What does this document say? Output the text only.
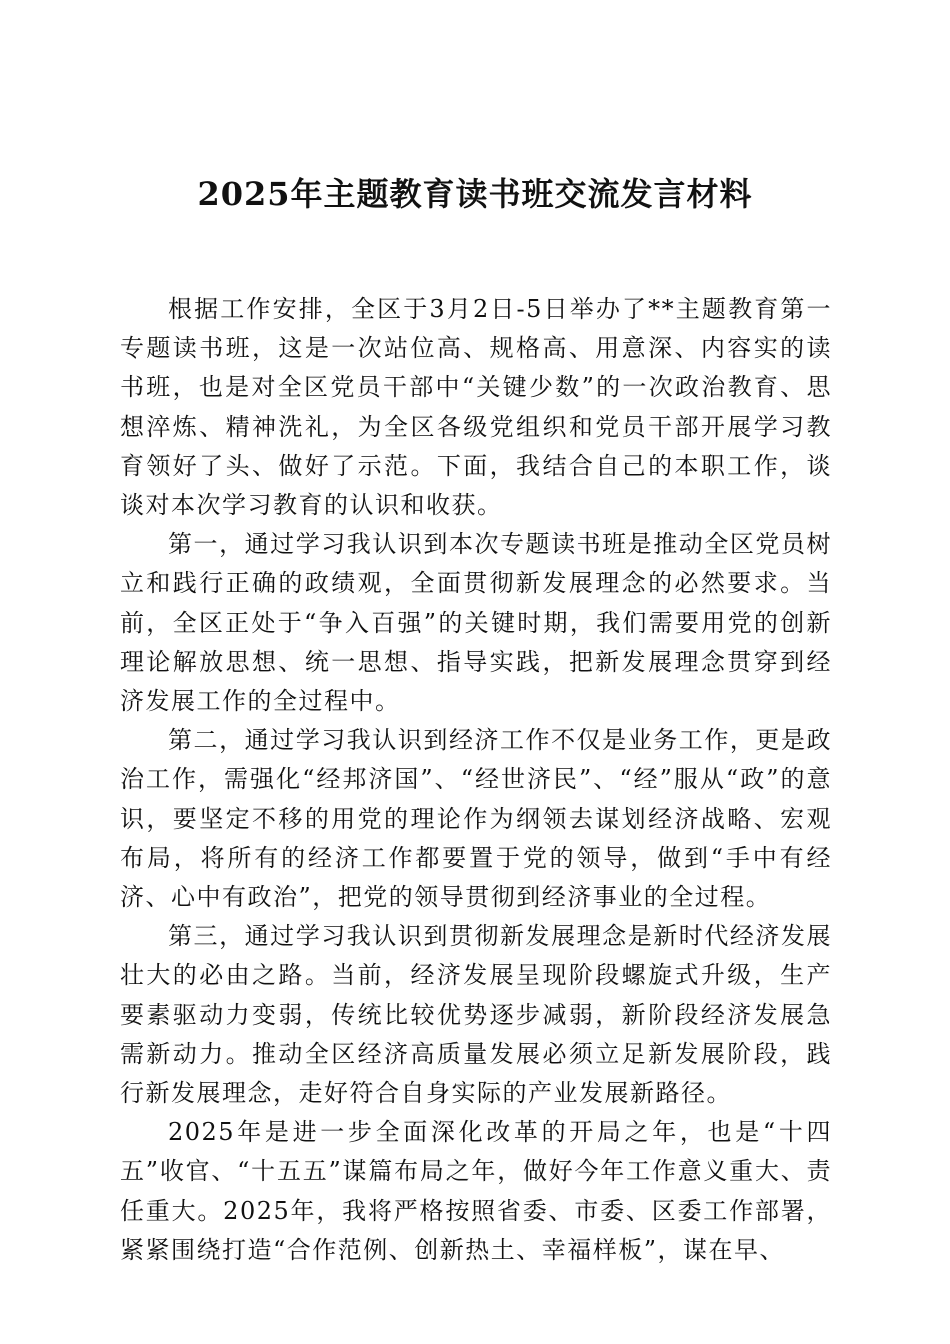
2025年主题教育读书班交流发言材料

根据工作安排，全区于3月2日-5日举办了**主题教育第一专题读书班，这是一次站位高、规格高、用意深、内容实的读书班，也是对全区党员干部中“关键少数”的一次政治教育、思想淬炼、精神洗礼，为全区各级党组织和党员干部开展学习教育领好了头、做好了示范。下面，我结合自己的本职工作，谈谈对本次学习教育的认识和收获。

第一，通过学习我认识到本次专题读书班是推动全区党员树立和践行正确的政绩观，全面贯彻新发展理念的必然要求。当前，全区正处于“争入百强”的关键时期，我们需要用党的创新理论解放思想、统一思想、指导实践，把新发展理念贯穿到经济发展工作的全过程中。

第二，通过学习我认识到经济工作不仅是业务工作，更是政治工作，需强化“经邦济国”、“经世济民”、“经”服从“政”的意识，要坚定不移的用党的理论作为纲领去谋划经济战略、宏观布局，将所有的经济工作都要置于党的领导，做到“手中有经济、心中有政治”，把党的领导贯彻到经济事业的全过程。

第三，通过学习我认识到贯彻新发展理念是新时代经济发展壮大的必由之路。当前，经济发展呈现阶段螺旋式升级，生产要素驱动力变弱，传统比较优势逐步减弱，新阶段经济发展急需新动力。推动全区经济高质量发展必须立足新发展阶段，践行新发展理念，走好符合自身实际的产业发展新路径。

2025年是进一步全面深化改革的开局之年，也是“十四五”收官、“十五五”谋篇布局之年，做好今年工作意义重大、责任重大。2025年，我将严格按照省委、市委、区委工作部署，紧紧围绕打造“合作范例、创新热土、幸福样板”，谋在早、
